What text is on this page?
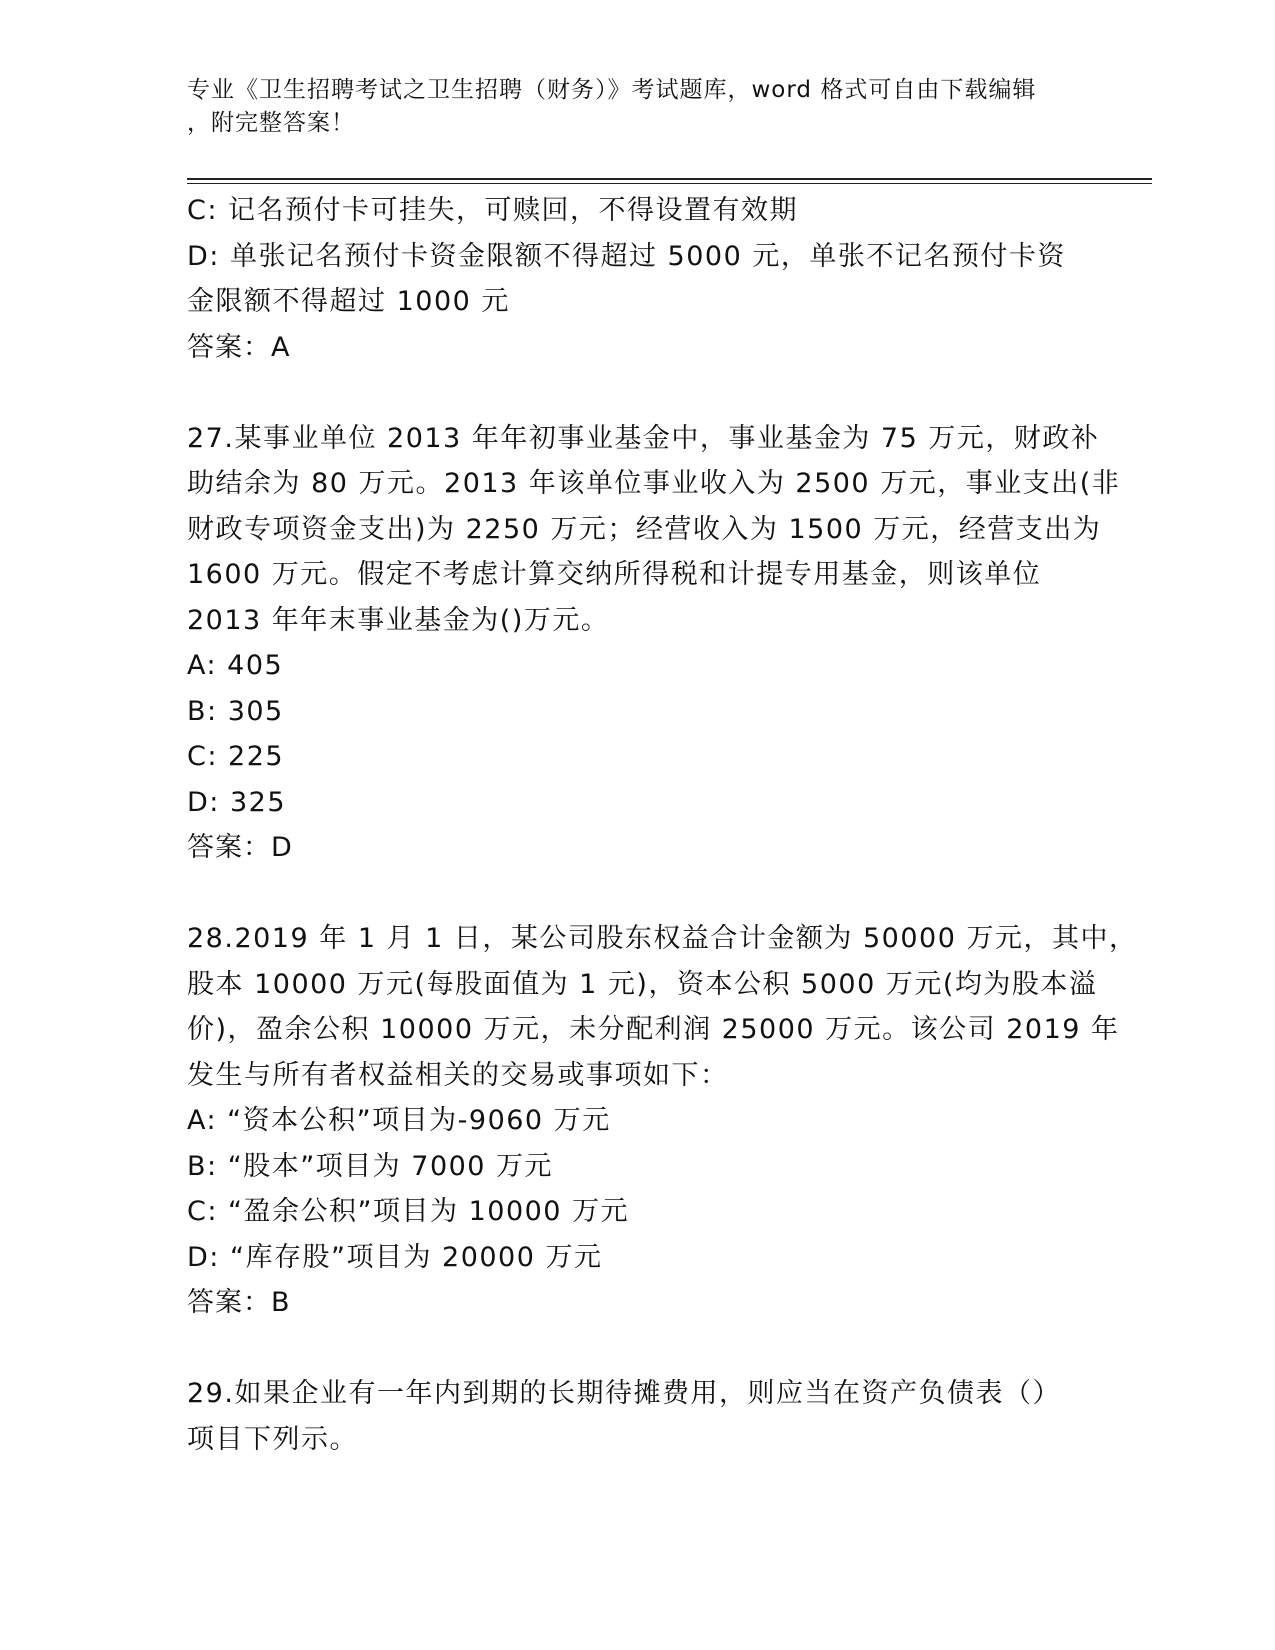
专业《卫生招聘考试之卫生招聘（财务）》考试题库，word 格式可自由下载编辑
，附完整答案！
C: 记名预付卡可挂失，可赎回，不得设置有效期
D: 单张记名预付卡资金限额不得超过 5000 元，单张不记名预付卡资
金限额不得超过 1000 元
答案：A
27.某事业单位 2013 年年初事业基金中，事业基金为 75 万元，财政补
助结余为 80 万元。2013 年该单位事业收入为 2500 万元，事业支出(非
财政专项资金支出)为 2250 万元；经营收入为 1500 万元，经营支出为
1600 万元。假定不考虑计算交纳所得税和计提专用基金，则该单位
2013 年年末事业基金为()万元。
A: 405
B: 305
C: 225
D: 325
答案：D
28.2019 年 1 月 1 日，某公司股东权益合计金额为 50000 万元，其中，
股本 10000 万元(每股面值为 1 元)，资本公积 5000 万元(均为股本溢
价)，盈余公积 10000 万元，未分配利润 25000 万元。该公司 2019 年
发生与所有者权益相关的交易或事项如下：
A: “资本公积”项目为-9060 万元
B: “股本”项目为 7000 万元
C: “盈余公积”项目为 10000 万元
D: “库存股”项目为 20000 万元
答案：B
29.如果企业有一年内到期的长期待摊费用，则应当在资产负债表（）
项目下列示。
